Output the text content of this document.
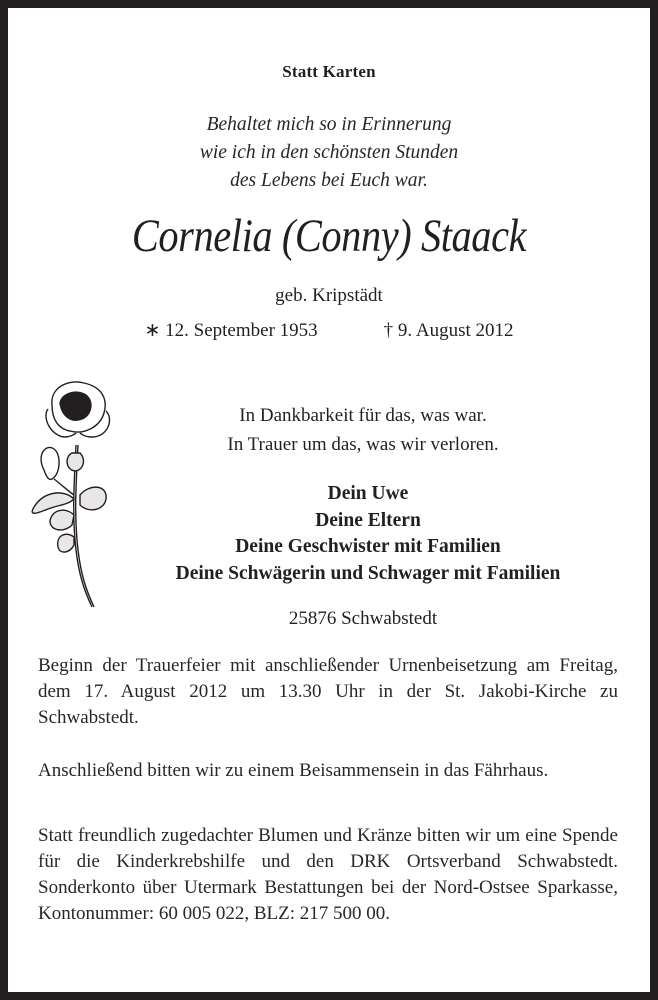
Statt Karten
Behaltet mich so in Erinnerung
wie ich in den schönsten Stunden
des Lebens bei Euch war.
Cornelia (Conny) Staack
geb. Kripstädt
∗ 12. September 1953	† 9. August 2012
In Dankbarkeit für das, was war.
In Trauer um das, was wir verloren.
Dein Uwe
Deine Eltern
Deine Geschwister mit Familien
Deine Schwägerin und Schwager mit Familien
25876 Schwabstedt
Beginn der Trauerfeier mit anschließender Urnenbeisetzung am Freitag, dem 17. August 2012 um 13.30 Uhr in der St. Jakobi-Kirche zu Schwabstedt.
Anschließend bitten wir zu einem Beisammensein in das Fährhaus.
Statt freundlich zugedachter Blumen und Kränze bitten wir um eine Spende für die Kinderkrebshilfe und den DRK Ortsverband Schwabstedt. Sonderkonto über Utermark Bestattungen bei der Nord-Ostsee Sparkasse, Kontonummer: 60 005 022, BLZ: 217 500 00.
